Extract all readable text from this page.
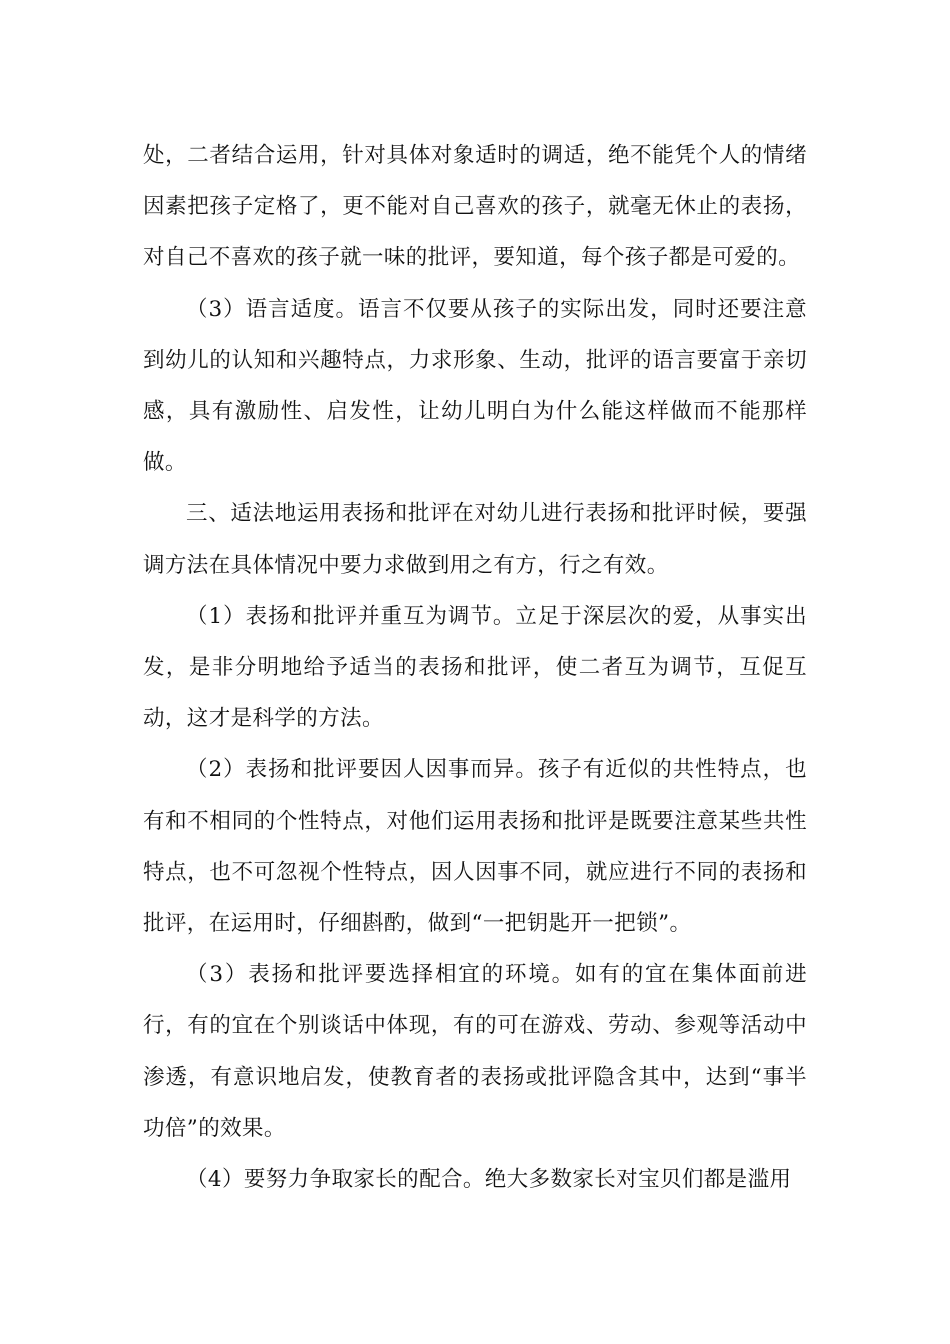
处，二者结合运用，针对具体对象适时的调适，绝不能凭个人的情绪因素把孩子定格了，更不能对自己喜欢的孩子，就毫无休止的表扬，对自己不喜欢的孩子就一味的批评，要知道，每个孩子都是可爱的。

（3）语言适度。语言不仅要从孩子的实际出发，同时还要注意到幼儿的认知和兴趣特点，力求形象、生动，批评的语言要富于亲切感，具有激励性、启发性，让幼儿明白为什么能这样做而不能那样做。

三、适法地运用表扬和批评在对幼儿进行表扬和批评时候，要强调方法在具体情况中要力求做到用之有方，行之有效。

（1）表扬和批评并重互为调节。立足于深层次的爱，从事实出发，是非分明地给予适当的表扬和批评，使二者互为调节，互促互动，这才是科学的方法。

（2）表扬和批评要因人因事而异。孩子有近似的共性特点，也有和不相同的个性特点，对他们运用表扬和批评是既要注意某些共性特点，也不可忽视个性特点，因人因事不同，就应进行不同的表扬和批评，在运用时，仔细斟酌，做到“一把钥匙开一把锁”。

（3）表扬和批评要选择相宜的环境。如有的宜在集体面前进行，有的宜在个别谈话中体现，有的可在游戏、劳动、参观等活动中渗透，有意识地启发，使教育者的表扬或批评隐含其中，达到“事半功倍”的效果。

（4）要努力争取家长的配合。绝大多数家长对宝贝们都是滥用
